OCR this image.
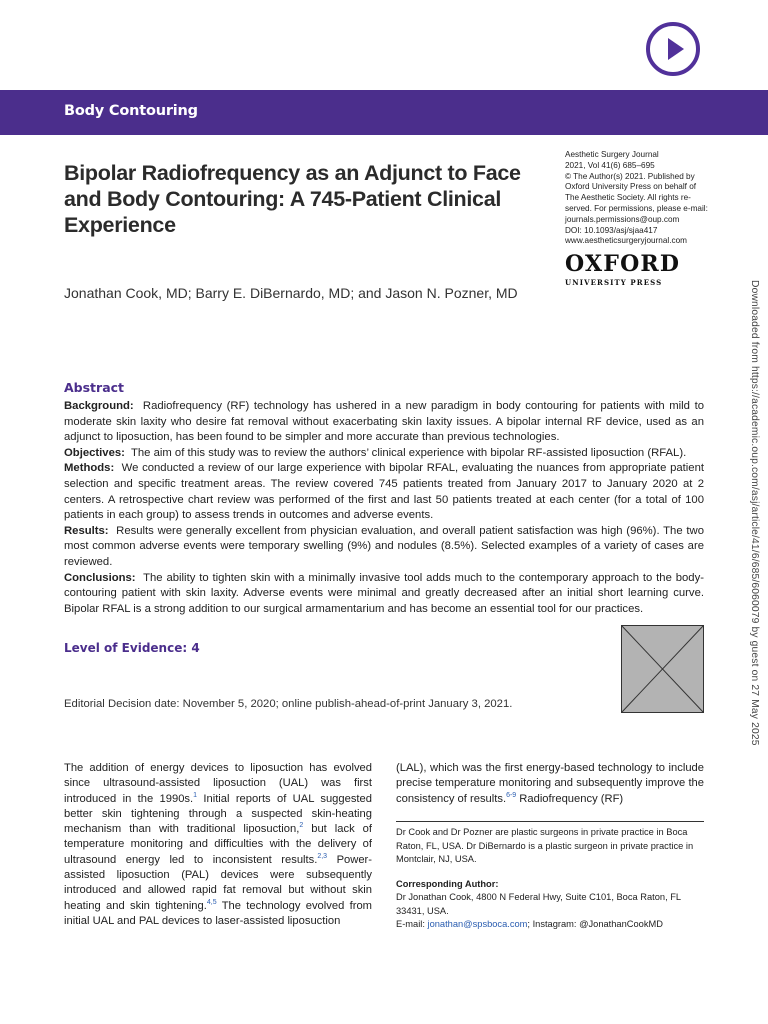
Body Contouring
Bipolar Radiofrequency as an Adjunct to Face and Body Contouring: A 745-Patient Clinical Experience
Aesthetic Surgery Journal
2021, Vol 41(6) 685–695
© The Author(s) 2021. Published by
Oxford University Press on behalf of
The Aesthetic Society. All rights re-
served. For permissions, please e-mail:
journals.permissions@oup.com
DOI: 10.1093/asj/sjaa417
www.aestheticsurgeryjournal.com
OXFORD
UNIVERSITY PRESS
Jonathan Cook, MD; Barry E. DiBernardo, MD; and Jason N. Pozner, MD	Downloaded from https://academic.oup.com/asj/article/41/6/685/6060079 by guest on 27 May 2025
Abstract

Background: Radiofrequency (RF) technology has ushered in a new paradigm in body contouring for patients with mild to moderate skin laxity who desire fat removal without exacerbating skin laxity issues. A bipolar internal RF device, used as an adjunct to liposuction, has been found to be simpler and more accurate than previous technologies.

Objectives: The aim of this study was to review the authors’ clinical experience with bipolar RF-assisted liposuction (RFAL).

Methods: We conducted a review of our large experience with bipolar RFAL, evaluating the nuances from appropriate patient selection and specific treatment areas. The review covered 745 patients treated from January 2017 to January 2020 at 2 centers. A retrospective chart review was performed of the first and last 50 patients treated at each center (for a total of 100 patients in each group) to assess trends in outcomes and adverse events.

Results: Results were generally excellent from physician evaluation, and overall patient satisfaction was high (96%). The two most common adverse events were temporary swelling (9%) and nodules (8.5%). Selected examples of a variety of cases are reviewed.

Conclusions: The ability to tighten skin with a minimally invasive tool adds much to the contemporary approach to the body-contouring patient with skin laxity. Adverse events were minimal and greatly decreased after an initial short learning curve. Bipolar RFAL is a strong addition to our surgical armamentarium and has become an essential tool for our practices.

Level of Evidence: 4
Editorial Decision date: November 5, 2020; online publish-ahead-of-print January 3, 2021.

The addition of energy devices to liposuction has evolved since ultrasound-assisted liposuction (UAL) was first introduced in the 1990s.$^1$ Initial reports of UAL suggested better skin tightening through a suspected skin-heating mechanism than with traditional liposuction,$^2$ but lack of temperature monitoring and difficulties with the delivery of ultrasound energy led to inconsistent results.$^{2,3}$ Power-assisted liposuction (PAL) devices were subsequently introduced and allowed rapid fat removal but without skin heating and skin tightening.$^{4,5}$ The technology evolved from initial UAL and PAL devices to laser-assisted liposuction

(LAL), which was the first energy-based technology to include precise temperature monitoring and subsequently improve the consistency of results.$^{6-9}$ Radiofrequency (RF)

Dr Cook and Dr Pozner are plastic surgeons in private practice in Boca Raton, FL, USA. Dr DiBernardo is a plastic surgeon in private practice in Montclair, NJ, USA.
Corresponding Author:
Dr Jonathan Cook, 4800 N Federal Hwy, Suite C101, Boca Raton, FL 33431, USA.
E-mail: jonathan@spsboca.com; Instagram: @JonathanCookMD
